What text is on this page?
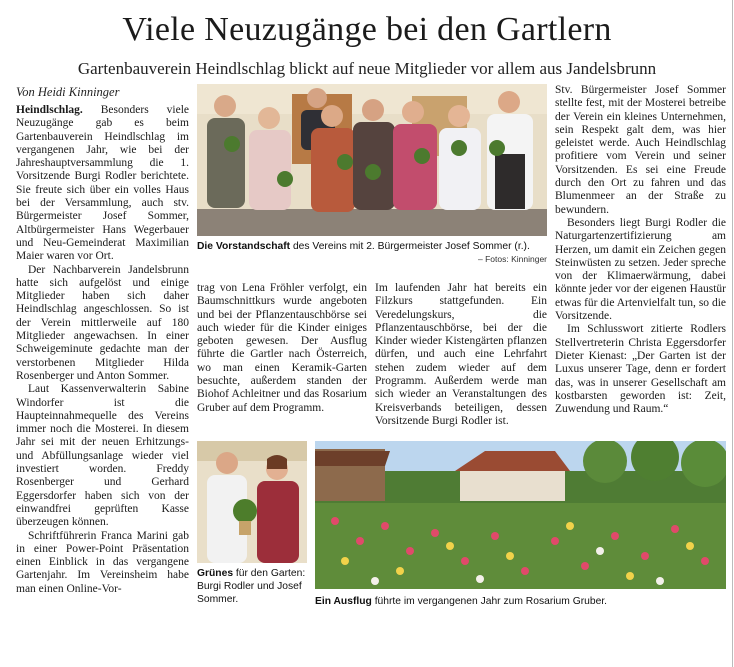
Viele Neuzugänge bei den Gartlern
Gartenbauverein Heindlschlag blickt auf neue Mitglieder vor allem aus Jandelsbrunn
Von Heidi Kinninger

Heindlschlag. Besonders viele Neuzugänge gab es beim Gartenbauverein Heindlschlag im vergangenen Jahr, wie bei der Jahreshauptversammlung die 1. Vorsitzende Burgi Rodler berichtete. Sie freute sich über ein volles Haus bei der Versammlung, auch stv. Bürgermeister Josef Sommer, Altbürgermeister Hans Wegerbauer und Neu-Gemeinderat Maximilian Maier waren vor Ort.

Der Nachbarverein Jandelsbrunn hatte sich aufgelöst und einige Mitglieder haben sich daher Heindlschlag angeschlossen. So ist der Verein mittlerweile auf 180 Mitglieder angewachsen. In einer Schweigeminute gedachte man der verstorbenen Mitglieder Hilda Rosenberger und Anton Sommer.

Laut Kassenverwalterin Sabine Windorfer ist die Haupteinnahmequelle des Vereins immer noch die Mosterei. In diesem Jahr sei mit der neuen Erhitzungs- und Abfüllungsanlage wieder viel investiert worden. Freddy Rosenberger und Gerhard Eggersdorfer haben sich von der einwandfrei geprüften Kasse überzeugen können.

Schriftführerin Franca Marini gab in einer Power-Point Präsentation einen Einblick in das vergangene Gartenjahr. Im Vereinsheim habe man einen Online-Vor-

Die Vorstandschaft des Vereins mit 2. Bürgermeister Josef Sommer (r.).
– Fotos: Kinninger

trag von Lena Fröhler verfolgt, ein Baumschnittkurs wurde angeboten und bei der Pflanzentauschbörse sei auch wieder für die Kinder einiges geboten gewesen. Der Ausflug führte die Gartler nach Österreich, wo man einen Keramik-Garten besuchte, außerdem standen der Biohof Achleitner und das Rosarium Gruber auf dem Programm.

Im laufenden Jahr hat bereits ein Filzkurs stattgefunden. Ein Veredelungskurs, die Pflanzentauschbörse, bei der die Kinder wieder Kistengärten pflanzen dürfen, und auch eine Lehrfahrt stehen zudem wieder auf dem Programm. Außerdem werde man sich wieder an Veranstaltungen des Kreisverbands beteiligen, dessen Vorsitzende Burgi Rodler ist.

Stv. Bürgermeister Josef Sommer stellte fest, mit der Mosterei betreibe der Verein ein kleines Unternehmen, sein Respekt galt dem, was hier geleistet werde. Auch Heindlschlag profitiere vom Verein und seiner Vorsitzenden. Es sei eine Freude durch den Ort zu fahren und das Blumenmeer an der Straße zu bewundern.

Besonders liegt Burgi Rodler die Naturgartenzertifizierung am Herzen, um damit ein Zeichen gegen Steinwüsten zu setzen. Jeder spreche von der Klimaerwärmung, dabei könnte jeder vor der eigenen Haustür etwas für die Artenvielfalt tun, so die Vorsitzende.

Im Schlusswort zitierte Rodlers Stellvertreterin Christa Eggersdorfer Dieter Kienast: „Der Garten ist der Luxus unserer Tage, denn er fordert das, was in unserer Gesellschaft am kostbarsten geworden ist: Zeit, Zuwendung und Raum.“

Grünes für den Garten: Burgi Rodler und Josef Sommer.	Ein Ausflug führte im vergangenen Jahr zum Rosarium Gruber.
